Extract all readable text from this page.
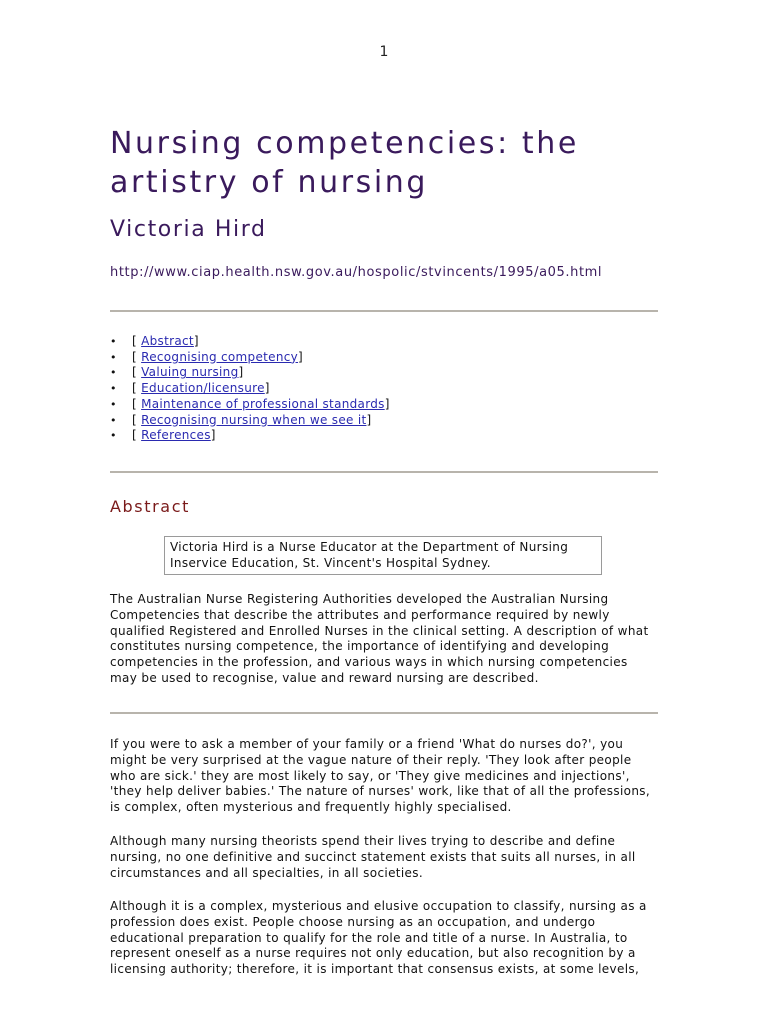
1
Nursing competencies: the artistry of nursing
Victoria Hird
http://www.ciap.health.nsw.gov.au/hospolic/stvincents/1995/a05.html
• [ Abstract]
• [ Recognising competency]
• [ Valuing nursing]
• [ Education/licensure]
• [ Maintenance of professional standards]
• [ Recognising nursing when we see it]
• [ References]
Abstract
Victoria Hird is a Nurse Educator at the Department of Nursing Inservice Education, St. Vincent's Hospital Sydney.

The Australian Nurse Registering Authorities developed the Australian Nursing Competencies that describe the attributes and performance required by newly qualified Registered and Enrolled Nurses in the clinical setting. A description of what constitutes nursing competence, the importance of identifying and developing competencies in the profession, and various ways in which nursing competencies may be used to recognise, value and reward nursing are described.

If you were to ask a member of your family or a friend 'What do nurses do?', you might be very surprised at the vague nature of their reply. 'They look after people who are sick.' they are most likely to say, or 'They give medicines and injections', 'they help deliver babies.' The nature of nurses' work, like that of all the professions, is complex, often mysterious and frequently highly specialised.

Although many nursing theorists spend their lives trying to describe and define nursing, no one definitive and succinct statement exists that suits all nurses, in all circumstances and all specialties, in all societies.

Although it is a complex, mysterious and elusive occupation to classify, nursing as a profession does exist. People choose nursing as an occupation, and undergo educational preparation to qualify for the role and title of a nurse. In Australia, to represent oneself as a nurse requires not only education, but also recognition by a licensing authority; therefore, it is important that consensus exists, at some levels,
